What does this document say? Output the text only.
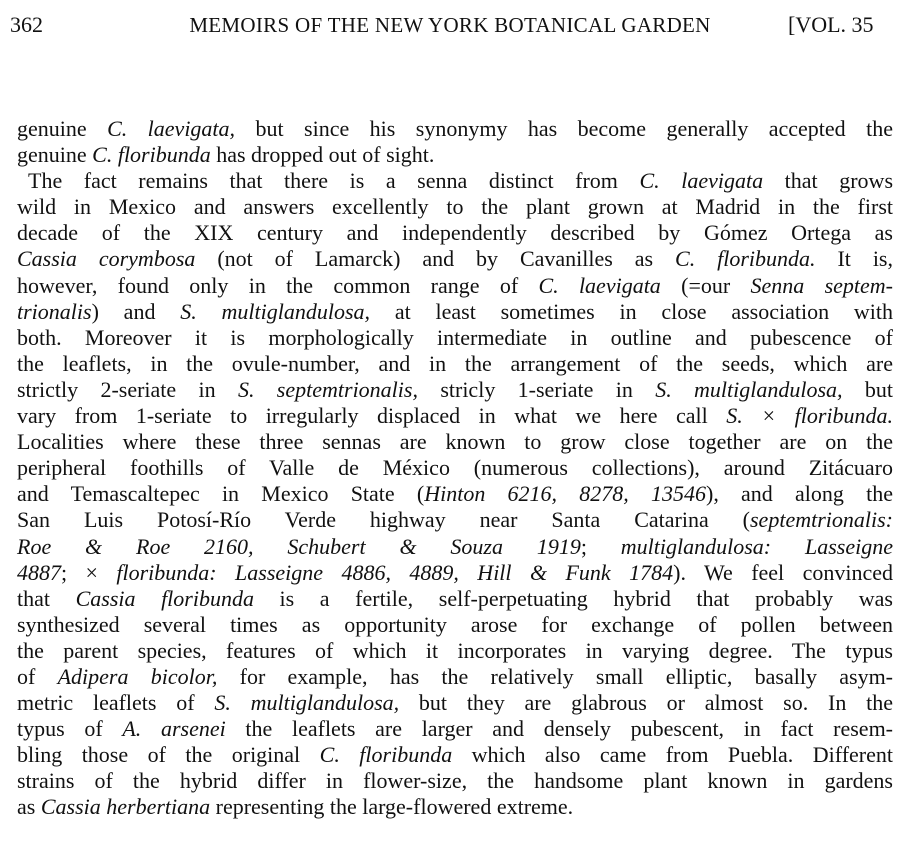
362	MEMOIRS OF THE NEW YORK BOTANICAL GARDEN	[VOL. 35
genuine C. laevigata, but since his synonymy has become generally accepted the
genuine C. floribunda has dropped out of sight.
The fact remains that there is a senna distinct from C. laevigata that grows
wild in Mexico and answers excellently to the plant grown at Madrid in the first
decade of the XIX century and independently described by Gómez Ortega as
Cassia corymbosa (not of Lamarck) and by Cavanilles as C. floribunda. It is,
however, found only in the common range of C. laevigata (=our Senna septem-
trionalis) and S. multiglandulosa, at least sometimes in close association with
both. Moreover it is morphologically intermediate in outline and pubescence of
the leaflets, in the ovule-number, and in the arrangement of the seeds, which are
strictly 2-seriate in S. septemtrionalis, stricly 1-seriate in S. multiglandulosa, but
vary from 1-seriate to irregularly displaced in what we here call S. × floribunda.
Localities where these three sennas are known to grow close together are on the
peripheral foothills of Valle de México (numerous collections), around Zitácuaro
and Temascaltepec in Mexico State (Hinton 6216, 8278, 13546), and along the
San Luis Potosí-Río Verde highway near Santa Catarina (septemtrionalis:
Roe & Roe 2160, Schubert & Souza 1919; multiglandulosa: Lasseigne
4887; × floribunda: Lasseigne 4886, 4889, Hill & Funk 1784). We feel convinced
that Cassia floribunda is a fertile, self-perpetuating hybrid that probably was
synthesized several times as opportunity arose for exchange of pollen between
the parent species, features of which it incorporates in varying degree. The typus
of Adipera bicolor, for example, has the relatively small elliptic, basally asym-
metric leaflets of S. multiglandulosa, but they are glabrous or almost so. In the
typus of A. arsenei the leaflets are larger and densely pubescent, in fact resem-
bling those of the original C. floribunda which also came from Puebla. Different
strains of the hybrid differ in flower-size, the handsome plant known in gardens
as Cassia herbertiana representing the large-flowered extreme.
